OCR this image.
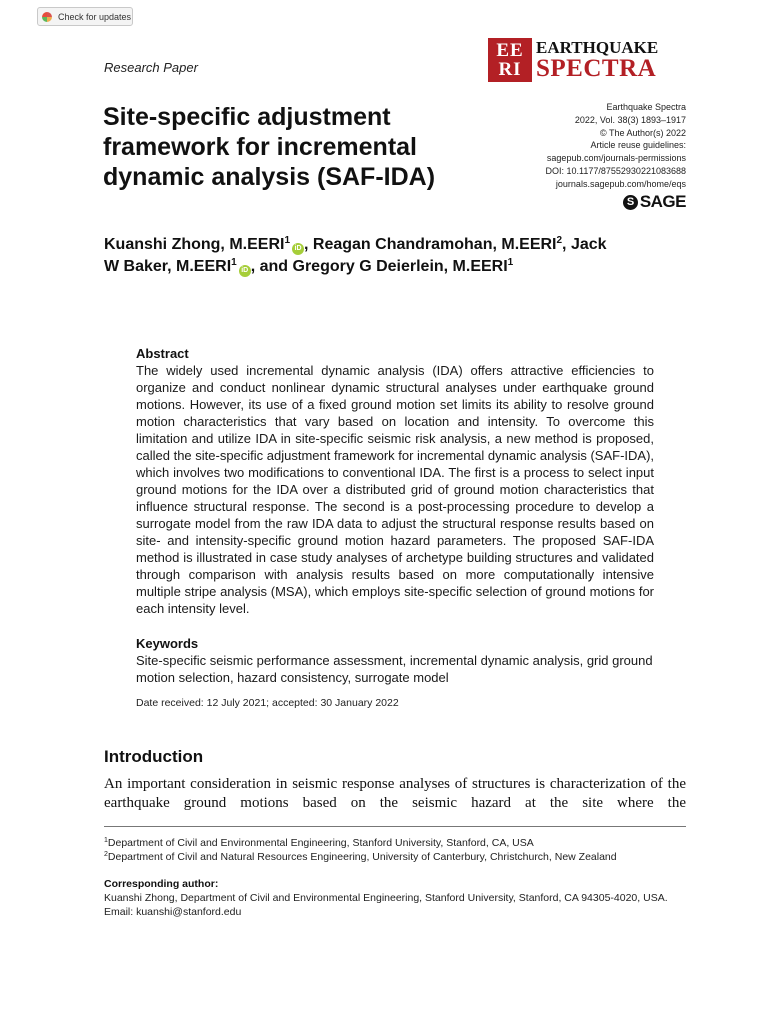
Check for updates
Research Paper
EE
RI
EARTHQUAKE
SPECTRA
Site-specific adjustment framework for incremental dynamic analysis (SAF-IDA)
Earthquake Spectra
2022, Vol. 38(3) 1893–1917
© The Author(s) 2022
Article reuse guidelines:
sagepub.com/journals-permissions
DOI: 10.1177/87552930221083688
journals.sagepub.com/home/eqs
S SAGE
Kuanshi Zhong, M.EERI$^1$iD , Reagan Chandramohan, M.EERI$^2$, Jack W Baker, M.EERI$^1$iD , and Gregory G Deierlein, M.EERI$^1$
Abstract

The widely used incremental dynamic analysis (IDA) offers attractive efficiencies to organize and conduct nonlinear dynamic structural analyses under earthquake ground motions. However, its use of a fixed ground motion set limits its ability to resolve ground motion characteristics that vary based on location and intensity. To overcome this limitation and utilize IDA in site-specific seismic risk analysis, a new method is proposed, called the site-specific adjustment framework for incremental dynamic analysis (SAF-IDA), which involves two modifications to conventional IDA. The first is a process to select input ground motions for the IDA over a distributed grid of ground motion characteristics that influence structural response. The second is a post-processing procedure to develop a surrogate model from the raw IDA data to adjust the structural response results based on site- and intensity-specific ground motion hazard parameters. The proposed SAF-IDA method is illustrated in case study analyses of archetype building structures and validated through comparison with analysis results based on more computationally intensive multiple stripe analysis (MSA), which employs site-specific selection of ground motions for each intensity level.

Keywords

Site-specific seismic performance assessment, incremental dynamic analysis, grid ground motion selection, hazard consistency, surrogate model

Date received: 12 July 2021; accepted: 30 January 2022
Introduction

An important consideration in seismic response analyses of structures is characterization of the earthquake ground motions based on the seismic hazard at the site where the

$^1$Department of Civil and Environmental Engineering, Stanford University, Stanford, CA, USA
$^2$Department of Civil and Natural Resources Engineering, University of Canterbury, Christchurch, New Zealand
Corresponding author:
Kuanshi Zhong, Department of Civil and Environmental Engineering, Stanford University, Stanford, CA 94305-4020, USA.
Email: kuanshi@stanford.edu
